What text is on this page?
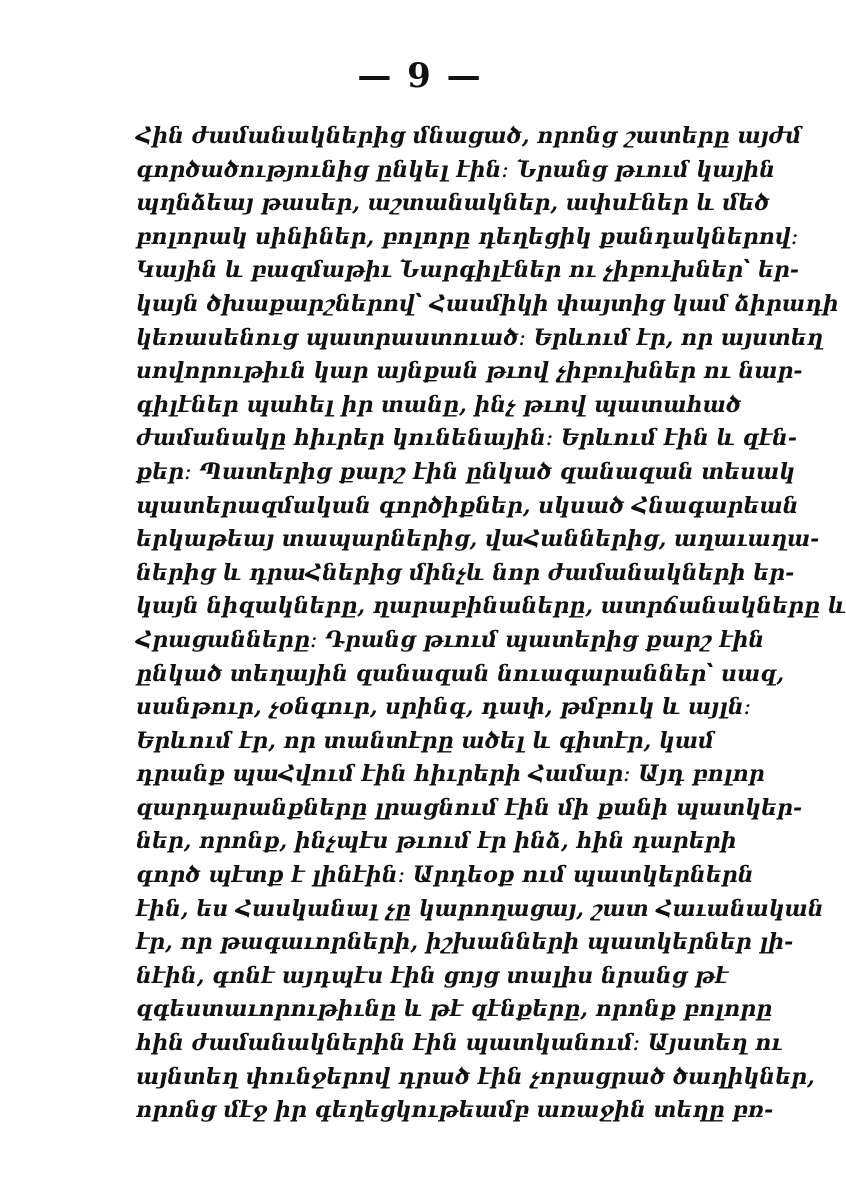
— 9 —
Հին ժամանակներից մնացած, որոնց շատերը այժմ
գործածությունից ընկել էին։ Նրանց թւում կային
պղնձեայ թասեր, աշտանակներ, ափսէներ և մեծ
բոլորակ սինիներ, բոլորը դեղեցիկ քանդակներով։
Կային և բազմաթիւ Նարգիլէներ ու չիբուխներ՝ եր-
կայն ծխաքարշներով՝ Հասմիկի փայտից կամ ձիրադի
կեռասենուց պատրաստուած։ Երևում էր, որ այստեղ
սովորութիւն կար այնքան թւով չիբուխներ ու նար-
գիլէներ պահել իր տանը, ինչ թւով պատահած
ժամանակը հիւրեր կունենային։ Երևում էին և զէն-
քեր։ Պատերից քարշ էին ընկած զանազան տեսակ
պատերազմական գործիքներ, սկսած Հնագարեան
երկաթեայ տապարներից, վաՀաններից, աղաւաղա-
ներից և դրաՀներից մինչև նոր ժամանակների եր-
կայն նիզակները, ղարաբինաները, ատրճանակները և
Հրացանները։ Դրանց թւում պատերից քարշ էին
ընկած տեղային զանազան նուագարաններ՝ սազ,
սանթուր, չօնգուր, սրինգ, դափ, թմբուկ և այլն։
Երևում էր, որ տանտէրը ածել և գիտէր, կամ
դրանք պաՀվում էին հիւրերի Համար։ Այդ բոլոր
զարդարանքները լրացնում էին մի քանի պատկեր-
ներ, որոնք, ինչպէս թւում էր ինձ, հին դարերի
գործ պէտք է լինէին։ Արդեօք ում պատկերներն
էին, ես Հասկանալ չը կարողացայ, շատ Հաւանական
էր, որ թագաւորների, իշխանների պատկերներ լի-
նէին, գոնէ այդպէս էին ցոյց տալիս նրանց թէ
զգեստաւորութիւնը և թէ զէնքերը, որոնք բոլորը
հին ժամանակներին էին պատկանում։ Այստեղ ու
այնտեղ փունջերով դրած էին չորացրած ծաղիկներ,
որոնց մէջ իր գեղեցկութեամբ առաջին տեղը բռ-
